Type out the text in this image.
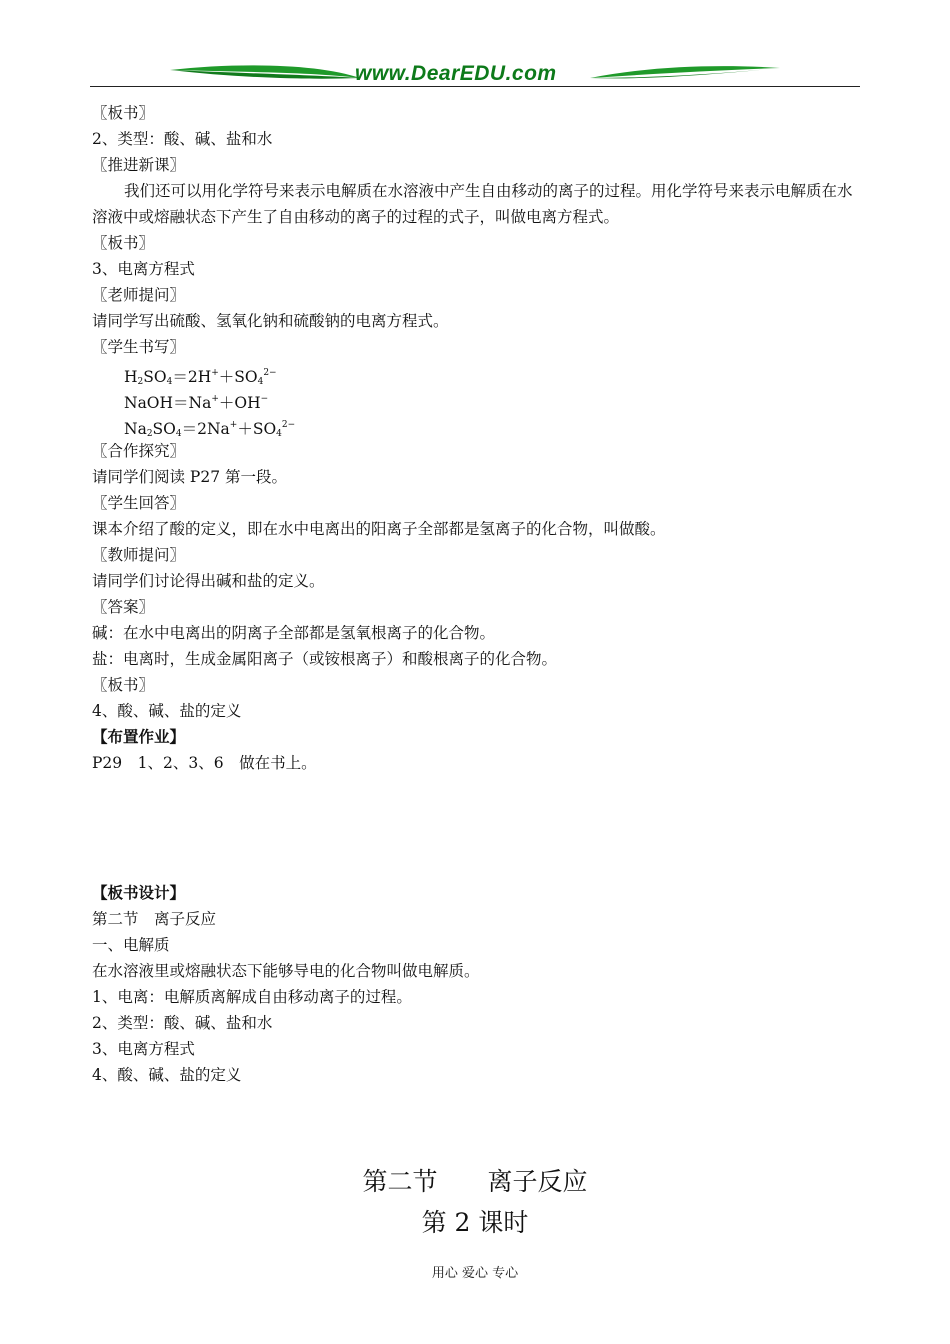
www.DearEDU.com
〖板书〗
2、类型：酸、碱、盐和水
〖推进新课〗
我们还可以用化学符号来表示电解质在水溶液中产生自由移动的离子的过程。用化学符号来表示电解质在水溶液中或熔融状态下产生了自由移动的离子的过程的式子，叫做电离方程式。
〖板书〗
3、电离方程式
〖老师提问〗
请同学写出硫酸、氢氧化钠和硫酸钠的电离方程式。
〖学生书写〗
$H_2SO_4=2H^++SO_4^{2-}$
NaOH＝Na+＋OH−
$Na_2SO_4=2Na^++SO_4^{2-}$
〖合作探究〗
请同学们阅读 P27 第一段。
〖学生回答〗
课本介绍了酸的定义，即在水中电离出的阳离子全部都是氢离子的化合物，叫做酸。
〖教师提问〗
请同学们讨论得出碱和盐的定义。
〖答案〗
碱：在水中电离出的阴离子全部都是氢氧根离子的化合物。
盐：电离时，生成金属阳离子（或铵根离子）和酸根离子的化合物。
〖板书〗
4、酸、碱、盐的定义
【布置作业】
P29　1、2、3、6　做在书上。
【板书设计】
第二节　离子反应
一、电解质
在水溶液里或熔融状态下能够导电的化合物叫做电解质。
1、电离：电解质离解成自由移动离子的过程。
2、类型：酸、碱、盐和水
3、电离方程式
4、酸、碱、盐的定义
第二节　　离子反应
第 2 课时
用心 爱心 专心
